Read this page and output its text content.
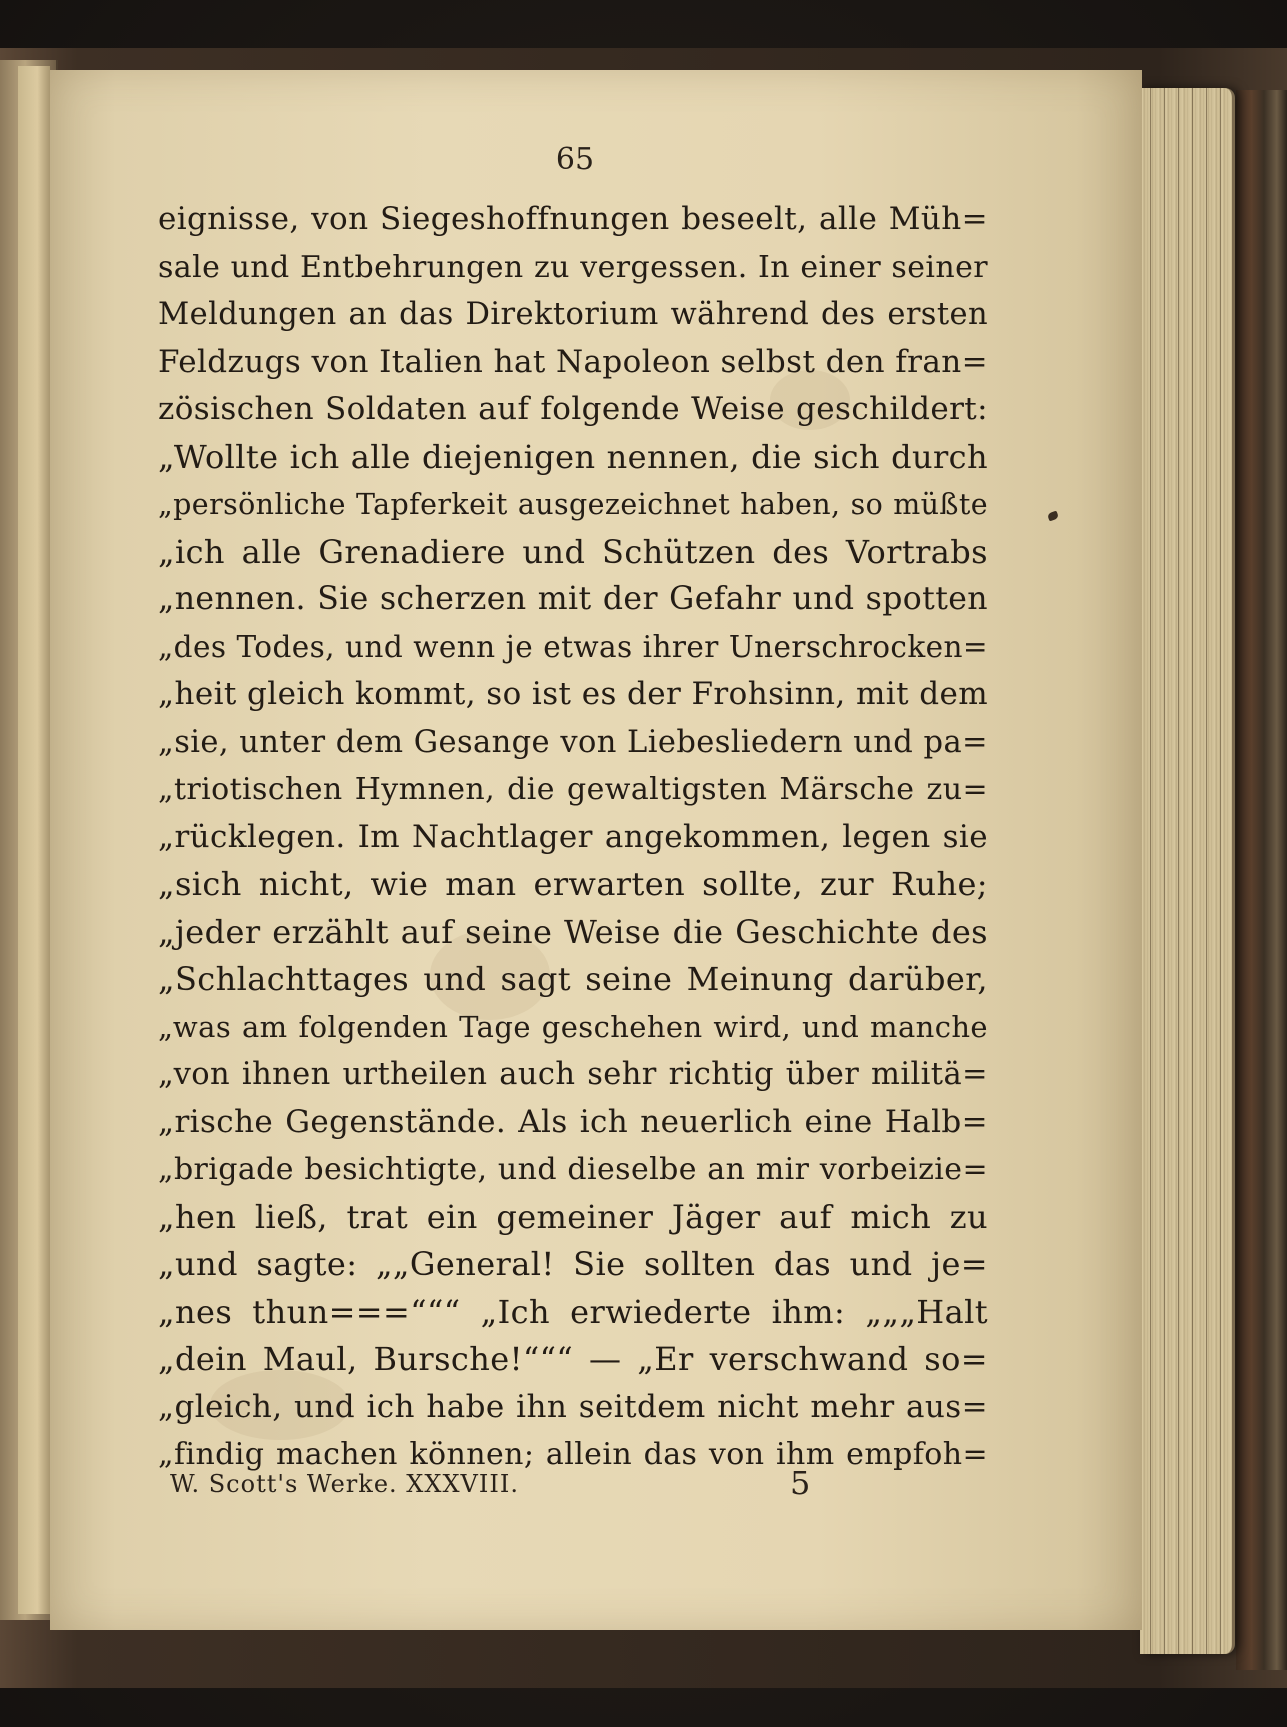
65
eignisse, von Siegeshoffnungen beseelt, alle Müh=
sale und Entbehrungen zu vergessen. In einer seiner
Meldungen an das Direktorium während des ersten
Feldzugs von Italien hat Napoleon selbst den fran=
zösischen Soldaten auf folgende Weise geschildert:
„Wollte ich alle diejenigen nennen, die sich durch
„persönliche Tapferkeit ausgezeichnet haben, so müßte
„ich alle Grenadiere und Schützen des Vortrabs
„nennen. Sie scherzen mit der Gefahr und spotten
„des Todes, und wenn je etwas ihrer Unerschrocken=
„heit gleich kommt, so ist es der Frohsinn, mit dem
„sie, unter dem Gesange von Liebesliedern und pa=
„triotischen Hymnen, die gewaltigsten Märsche zu=
„rücklegen. Im Nachtlager angekommen, legen sie
„sich nicht, wie man erwarten sollte, zur Ruhe;
„jeder erzählt auf seine Weise die Geschichte des
„Schlachttages und sagt seine Meinung darüber,
„was am folgenden Tage geschehen wird, und manche
„von ihnen urtheilen auch sehr richtig über militä=
„rische Gegenstände. Als ich neuerlich eine Halb=
„brigade besichtigte, und dieselbe an mir vorbeizie=
„hen ließ, trat ein gemeiner Jäger auf mich zu
„und sagte: „„General! Sie sollten das und je=
„nes thun===“““ „Ich erwiederte ihm: „„„Halt
„dein Maul, Bursche!“““ — „Er verschwand so=
„gleich, und ich habe ihn seitdem nicht mehr aus=
„findig machen können; allein das von ihm empfoh=
W. Scott's Werke. XXXVIII.	5
